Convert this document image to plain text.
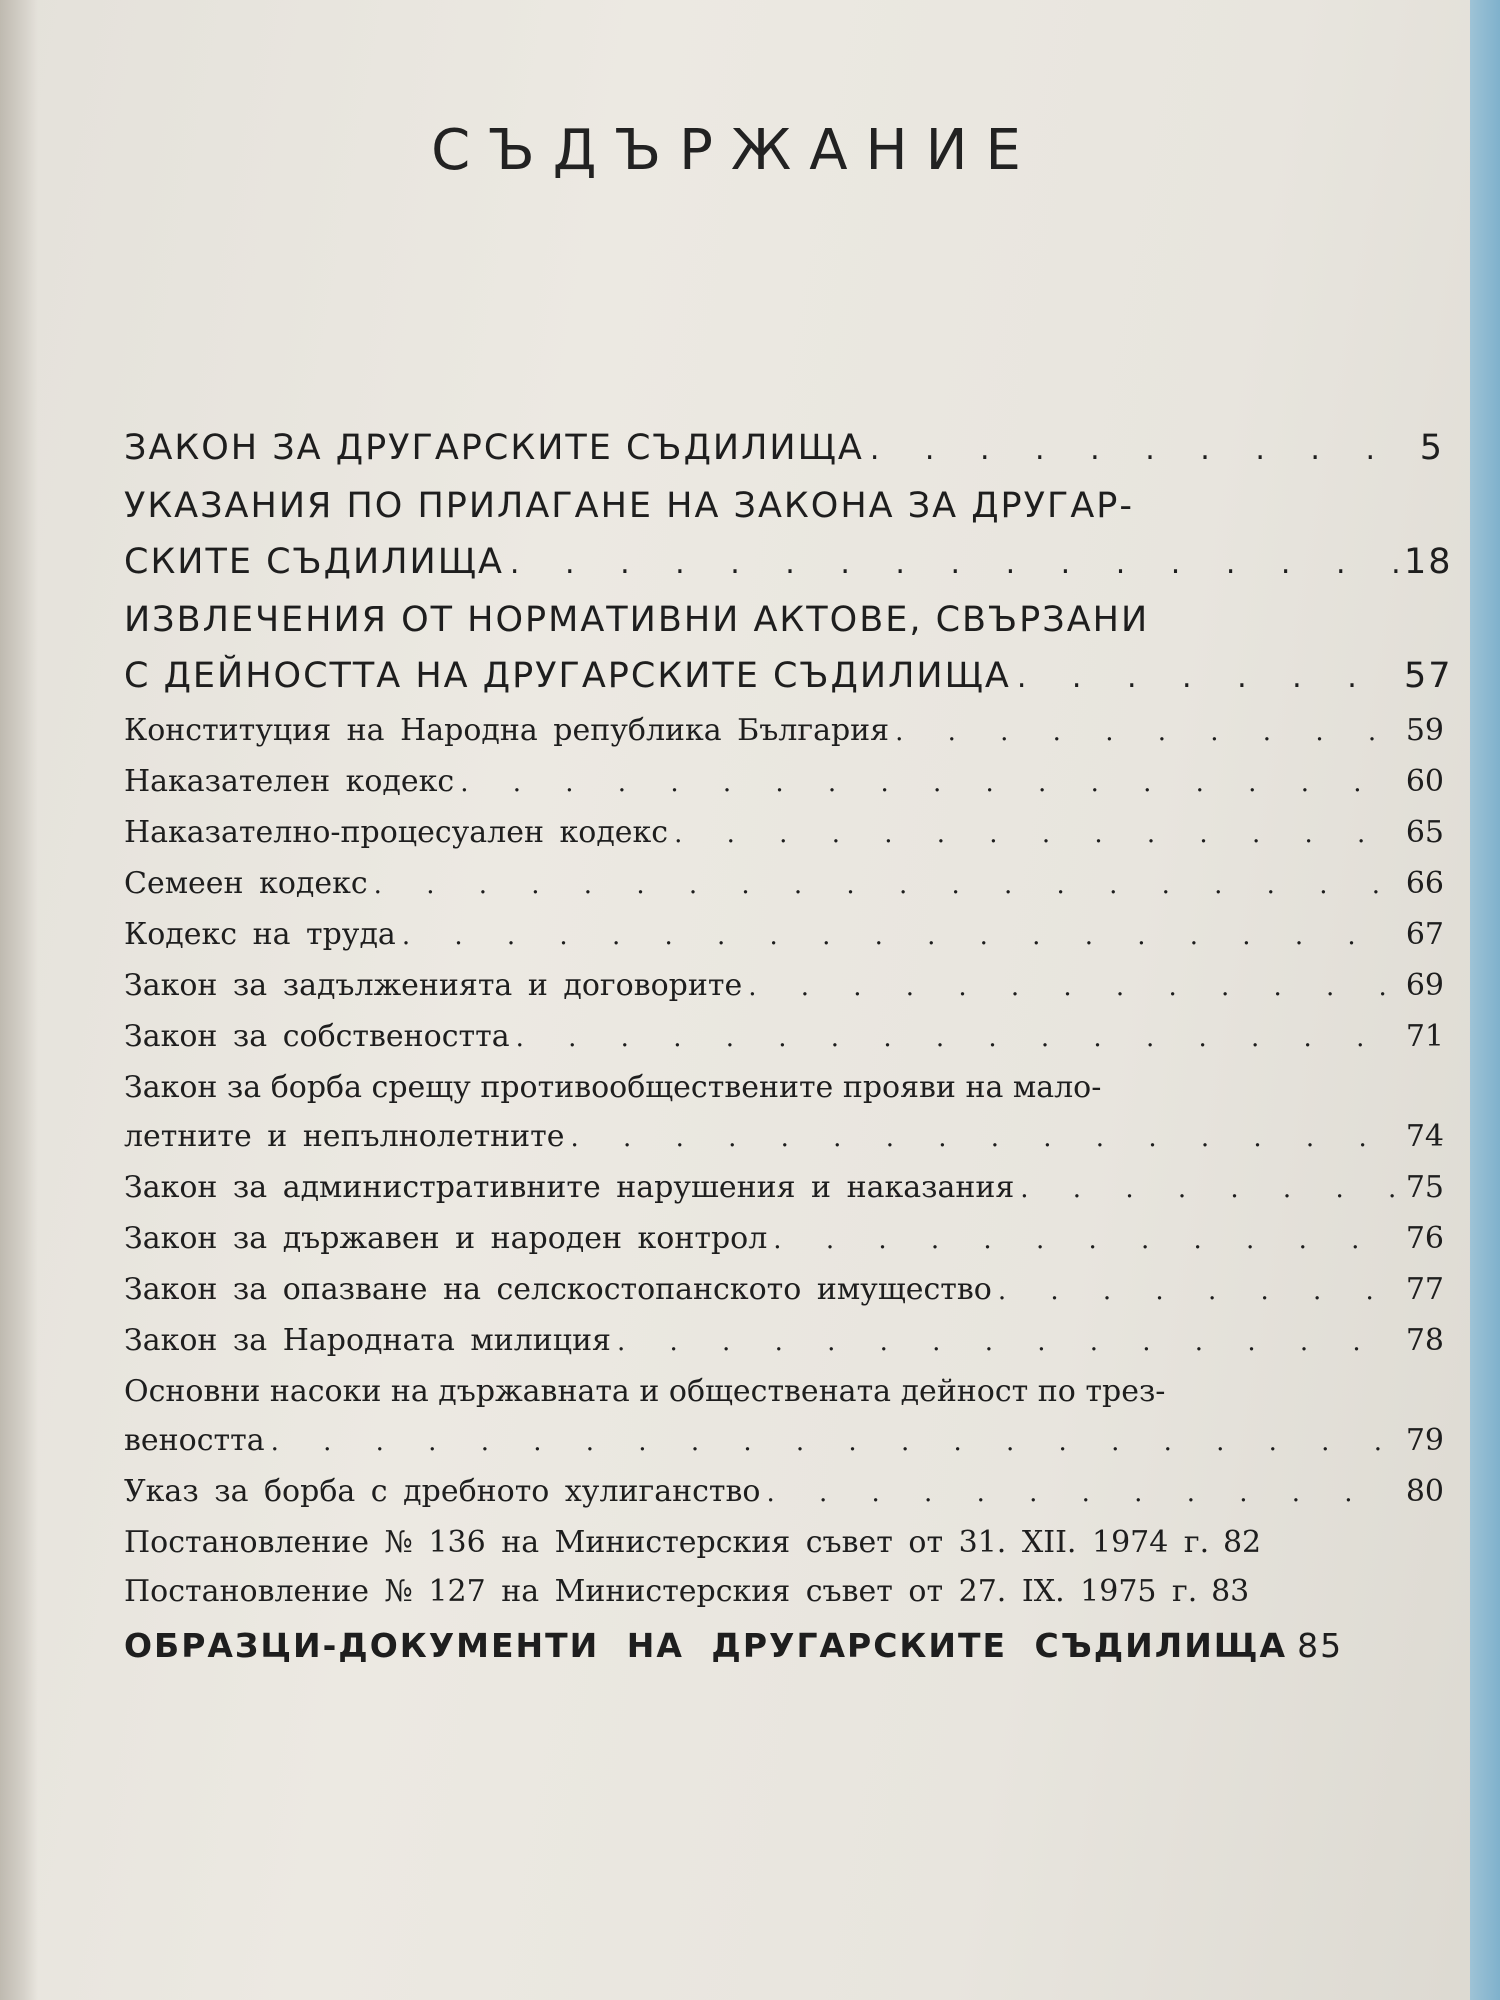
СЪДЪРЖАНИЕ
ЗАКОН ЗА ДРУГАРСКИТЕ СЪДИЛИЩА . . .	5
УКАЗАНИЯ ПО ПРИЛАГАНЕ НА ЗАКОНА ЗА ДРУГАР-
СКИТЕ СЪДИЛИЩА . . .	18
ИЗВЛЕЧЕНИЯ ОТ НОРМАТИВНИ АКТОВЕ, СВЪРЗАНИ
С ДЕЙНОСТТА НА ДРУГАРСКИТЕ СЪДИЛИЩА . . .	57
Конституция на Народна република България . . .	59
Наказателен кодекс . . .	60
Наказателно-процесуален кодекс . . .	65
Семеен кодекс . . .	66
Кодекс на труда . . .	67
Закон за задълженията и договорите . . .	69
Закон за собствеността . . .	71
Закон за борба срещу противообществените прояви на мало-
летните и непълнолетните . . .	74
Закон за административните нарушения и наказания . . .	75
Закон за държавен и народен контрол . . .	76
Закон за опазване на селскостопанското имущество . . .	77
Закон за Народната милиция . . .	78
Основни насоки на държавната и обществената дейност по трез-
веността . . .	79
Указ за борба с дребното хулиганство . . .	80
Постановление № 136 на Министерския съвет от 31. XII. 1974 г. 82
Постановление № 127 на Министерския съвет от 27. IX. 1975 г. 83
ОБРАЗЦИ-ДОКУМЕНТИ НА ДРУГАРСКИТЕ СЪДИЛИЩА 85
